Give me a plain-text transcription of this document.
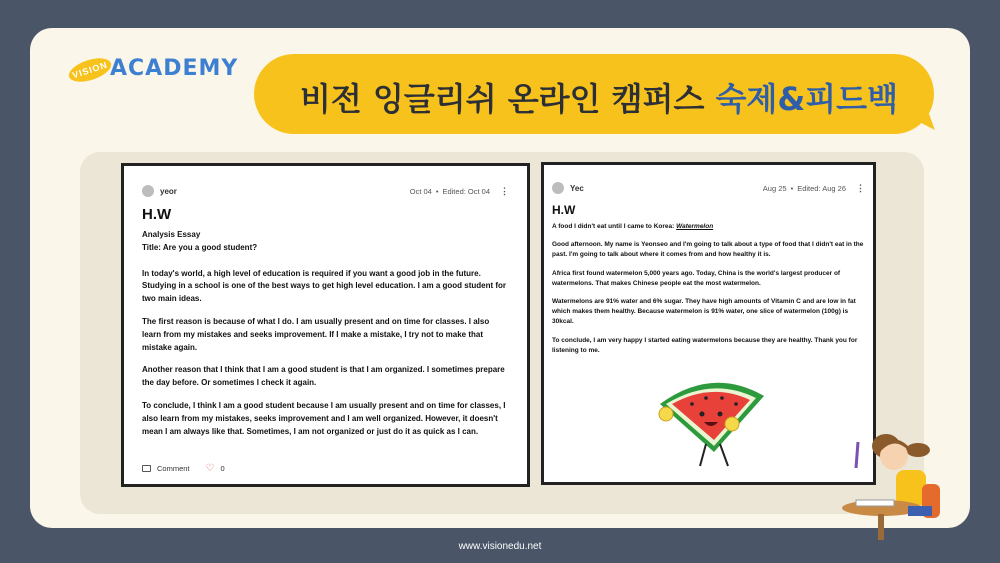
VISION ACADEMY
비전 잉글리쉬 온라인 캠퍼스 숙제&피드백
yeor	Oct 04 • Edited: Oct 04 ⋮
H.W
Analysis Essay

Title: Are you a good student?

In today's world, a high level of education is required if you want a good job in the future. Studying in a school is one of the best ways to get high level education. I am a good student for two main ideas.

The first reason is because of what I do. I am usually present and on time for classes. I also learn from my mistakes and seeks improvement. If I make a mistake, I try not to make that mistake again.

Another reason that I think that I am a good student is that I am organized. I sometimes prepare the day before. Or sometimes I check it again.

To conclude, I think I am a good student because I am usually present and on time for classes, I also learn from my mistakes, seeks improvement and I am well organized. However, it doesn't mean I am always like that. Sometimes, I am not organized or just do it as quick as I can.

Comment ♡ 0
Yec	Aug 25 • Edited: Aug 26 ⋮
H.W

A food I didn't eat until I came to Korea: Watermelon

Good afternoon. My name is Yeonseo and I'm going to talk about a type of food that I didn't eat in the past. I'm going to talk about where it comes from and how healthy it is.

Africa first found watermelon 5,000 years ago. Today, China is the world's largest producer of watermelons. That makes Chinese people eat the most watermelon.

Watermelons are 91% water and 6% sugar. They have high amounts of Vitamin C and are low in fat which makes them healthy. Because watermelon is 91% water, one slice of watermelon (100g) is 30kcal.

To conclude, I am very happy I started eating watermelons because they are healthy. Thank you for listening to me.

www.visionedu.net
